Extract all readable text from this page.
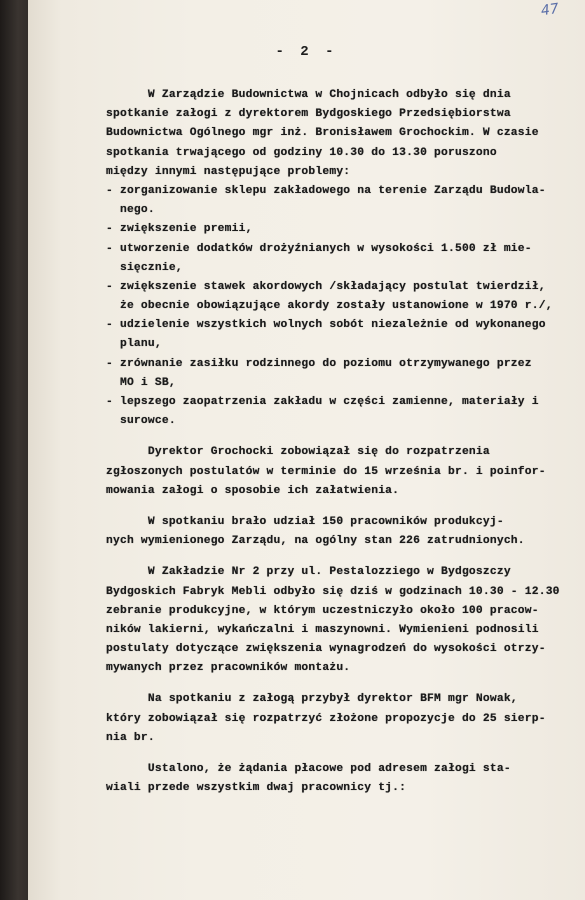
47
- 2 -
W Zarządzie Budownictwa w Chojnicach odbyło się dnia
spotkanie załogi z dyrektorem Bydgoskiego Przedsiębiorstwa
Budownictwa Ogólnego mgr inż. Bronisławem Grochockim. W czasie
spotkania trwającego od godziny 10.30 do 13.30 poruszono
między innymi następujące problemy:
- zorganizowanie sklepu zakładowego na terenie Zarządu Budowla-
nego.
- zwiększenie premii,
- utworzenie dodatków drożyźnianych w wysokości 1.500 zł mie-
sięcznie,
- zwiększenie stawek akordowych /składający postulat twierdził,
że obecnie obowiązujące akordy zostały ustanowione w 1970 r./,
- udzielenie wszystkich wolnych sobót niezależnie od wykonanego
planu,
- zrównanie zasiłku rodzinnego do poziomu otrzymywanego przez
MO i SB,
- lepszego zaopatrzenia zakładu w części zamienne, materiały i
surowce.
Dyrektor Grochocki zobowiązał się do rozpatrzenia
zgłoszonych postulatów w terminie do 15 września br. i poinfor-
mowania załogi o sposobie ich załatwienia.
W spotkaniu brało udział 150 pracowników produkcyj-
nych wymienionego Zarządu, na ogólny stan 226 zatrudnionych.
W Zakładzie Nr 2 przy ul. Pestalozziego w Bydgoszczy
Bydgoskich Fabryk Mebli odbyło się dziś w godzinach 10.30 - 12.30
zebranie produkcyjne, w którym uczestniczyło około 100 pracow-
ników lakierni, wykańczalni i maszynowni. Wymienieni podnosili
postulaty dotyczące zwiększenia wynagrodzeń do wysokości otrzy-
mywanych przez pracowników montażu.
Na spotkaniu z załogą przybył dyrektor BFM mgr Nowak,
który zobowiązał się rozpatrzyć złożone propozycje do 25 sierp-
nia br.
Ustalono, że żądania płacowe pod adresem załogi sta-
wiali przede wszystkim dwaj pracownicy tj.:
